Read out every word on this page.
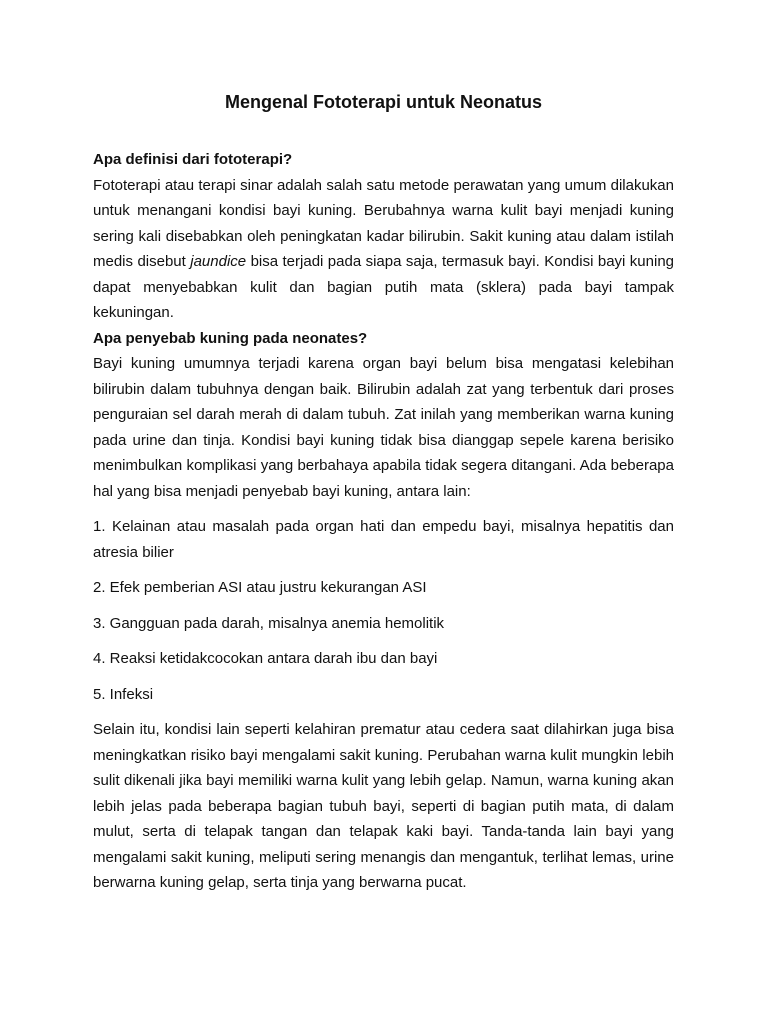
Mengenal Fototerapi untuk Neonatus

Apa definisi dari fototerapi?

Fototerapi atau terapi sinar adalah salah satu metode perawatan yang umum dilakukan untuk menangani kondisi bayi kuning. Berubahnya warna kulit bayi menjadi kuning sering kali disebabkan oleh peningkatan kadar bilirubin. Sakit kuning atau dalam istilah medis disebut jaundice bisa terjadi pada siapa saja, termasuk bayi. Kondisi bayi kuning dapat menyebabkan kulit dan bagian putih mata (sklera) pada bayi tampak kekuningan.

Apa penyebab kuning pada neonates?

Bayi kuning umumnya terjadi karena organ bayi belum bisa mengatasi kelebihan bilirubin dalam tubuhnya dengan baik. Bilirubin adalah zat yang terbentuk dari proses penguraian sel darah merah di dalam tubuh. Zat inilah yang memberikan warna kuning pada urine dan tinja. Kondisi bayi kuning tidak bisa dianggap sepele karena berisiko menimbulkan komplikasi yang berbahaya apabila tidak segera ditangani. Ada beberapa hal yang bisa menjadi penyebab bayi kuning, antara lain:

1. Kelainan atau masalah pada organ hati dan empedu bayi, misalnya hepatitis dan atresia bilier

2. Efek pemberian ASI atau justru kekurangan ASI

3. Gangguan pada darah, misalnya anemia hemolitik

4. Reaksi ketidakcocokan antara darah ibu dan bayi

5. Infeksi

Selain itu, kondisi lain seperti kelahiran prematur atau cedera saat dilahirkan juga bisa meningkatkan risiko bayi mengalami sakit kuning. Perubahan warna kulit mungkin lebih sulit dikenali jika bayi memiliki warna kulit yang lebih gelap. Namun, warna kuning akan lebih jelas pada beberapa bagian tubuh bayi, seperti di bagian putih mata, di dalam mulut, serta di telapak tangan dan telapak kaki bayi. Tanda-tanda lain bayi yang mengalami sakit kuning, meliputi sering menangis dan mengantuk, terlihat lemas, urine berwarna kuning gelap, serta tinja yang berwarna pucat.
